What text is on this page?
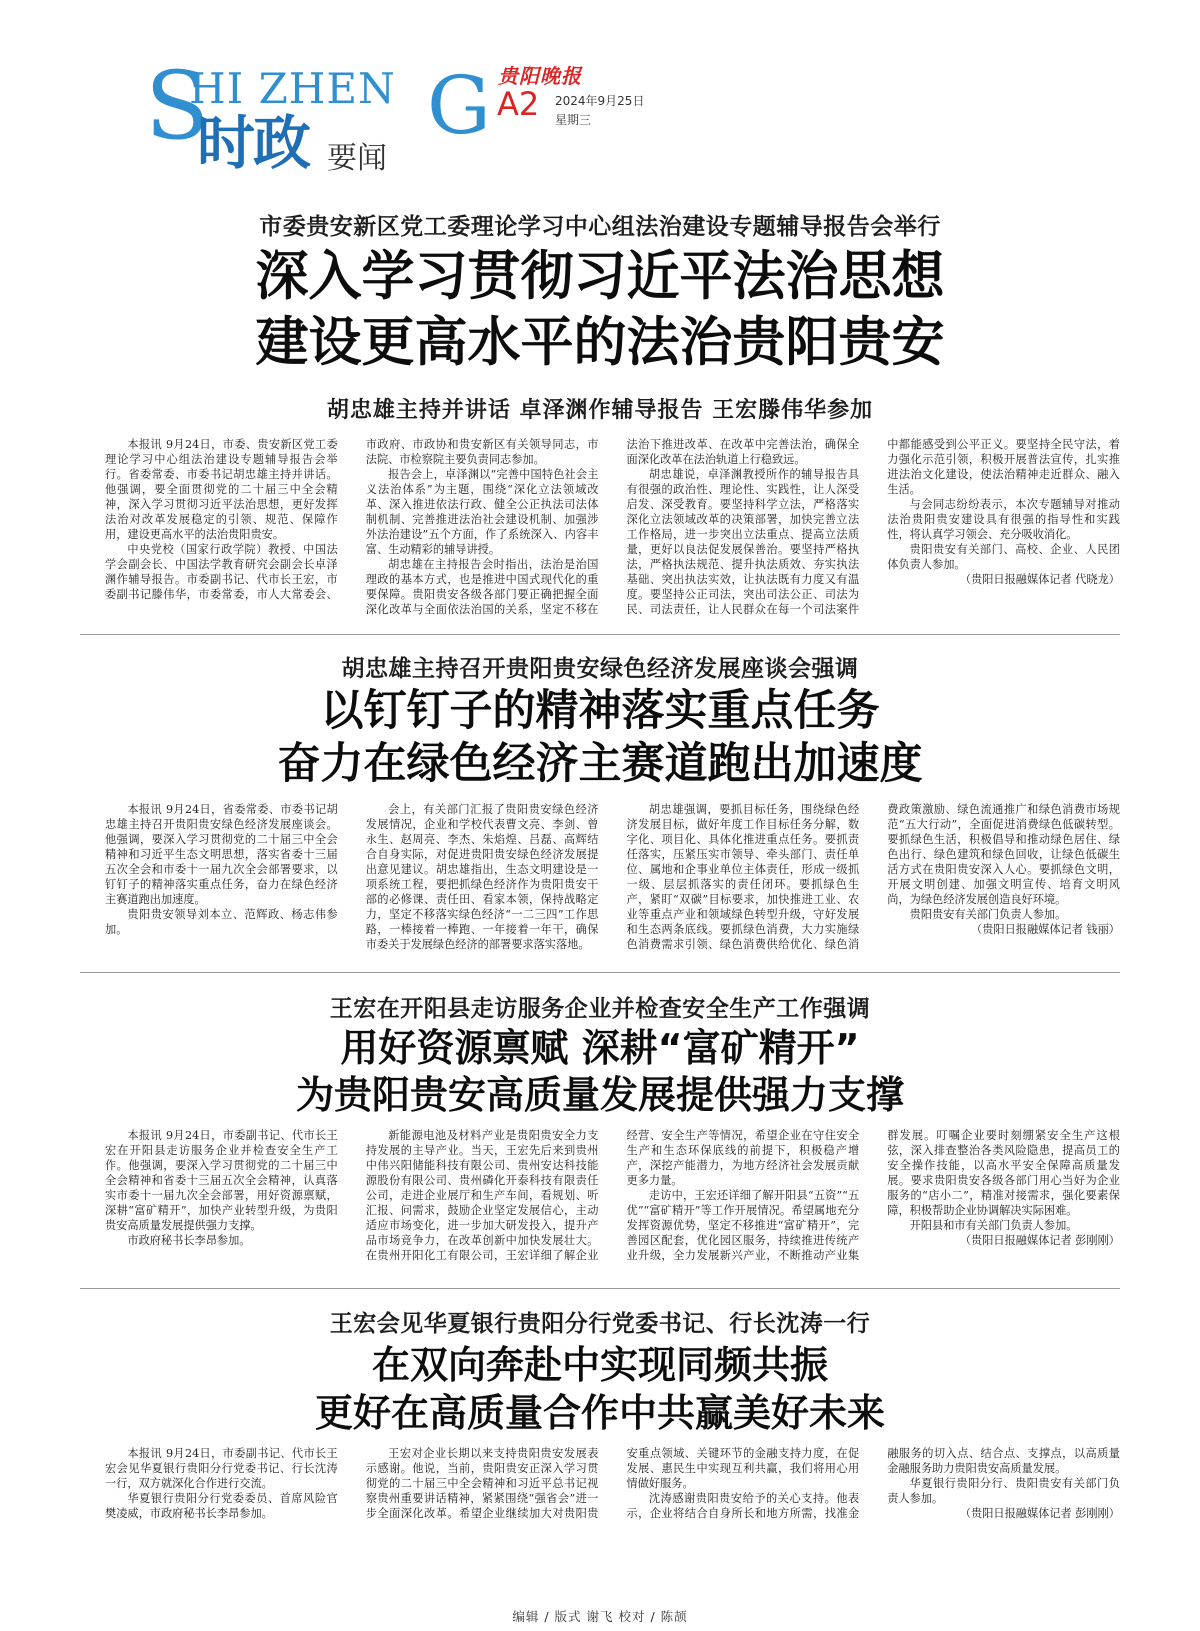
S
HI ZHEN G
时政 要闻
贵阳晚报
A2 2024年9月25日
星期三
市委贵安新区党工委理论学习中心组法治建设专题辅导报告会举行
深入学习贯彻习近平法治思想
建设更高水平的法治贵阳贵安
胡忠雄主持并讲话 卓泽渊作辅导报告 王宏滕伟华参加

本报讯 9月24日，市委、贵安新区党工委理论学习中心组法治建设专题辅导报告会举行。省委常委、市委书记胡忠雄主持并讲话。他强调，要全面贯彻党的二十届三中全会精神，深入学习贯彻习近平法治思想，更好发挥法治对改革发展稳定的引领、规范、保障作用，建设更高水平的法治贵阳贵安。

中央党校（国家行政学院）教授、中国法学会副会长、中国法学教育研究会副会长卓泽渊作辅导报告。市委副书记、代市长王宏，市委副书记滕伟华，市委常委，市人大常委会、市政府、市政协和贵安新区有关领导同志，市法院、市检察院主要负责同志参加。

报告会上，卓泽渊以“完善中国特色社会主义法治体系”为主题，围绕“深化立法领域改革、深入推进依法行政、健全公正执法司法体制机制、完善推进法治社会建设机制、加强涉外法治建设”五个方面，作了系统深入、内容丰富、生动精彩的辅导讲授。

胡忠雄在主持报告会时指出，法治是治国理政的基本方式，也是推进中国式现代化的重要保障。贵阳贵安各级各部门要正确把握全面深化改革与全面依法治国的关系，坚定不移在法治下推进改革、在改革中完善法治，确保全面深化改革在法治轨道上行稳致远。

胡忠雄说，卓泽渊教授所作的辅导报告具有很强的政治性、理论性、实践性，让人深受启发、深受教育。要坚持科学立法，严格落实深化立法领域改革的决策部署，加快完善立法工作格局，进一步突出立法重点、提高立法质量，更好以良法促发展保善治。要坚持严格执法，严格执法规范、提升执法质效、夯实执法基础、突出执法实效，让执法既有力度又有温度。要坚持公正司法，突出司法公正、司法为民、司法责任，让人民群众在每一个司法案件中都能感受到公平正义。要坚持全民守法，着力强化示范引领，积极开展普法宣传，扎实推进法治文化建设，使法治精神走近群众、融入生活。

与会同志纷纷表示，本次专题辅导对推动法治贵阳贵安建设具有很强的指导性和实践性，将认真学习领会、充分吸收消化。

贵阳贵安有关部门、高校、企业、人民团体负责人参加。

（贵阳日报融媒体记者 代晓龙）

胡忠雄主持召开贵阳贵安绿色经济发展座谈会强调
以钉钉子的精神落实重点任务
奋力在绿色经济主赛道跑出加速度

本报讯 9月24日，省委常委、市委书记胡忠雄主持召开贵阳贵安绿色经济发展座谈会。他强调，要深入学习贯彻党的二十届三中全会精神和习近平生态文明思想，落实省委十三届五次全会和市委十一届九次全会部署要求，以钉钉子的精神落实重点任务，奋力在绿色经济主赛道跑出加速度。

贵阳贵安领导刘本立、范辉政、杨志伟参加。

会上，有关部门汇报了贵阳贵安绿色经济发展情况，企业和学校代表曹文亮、李剑、曾永生、赵周亮、李杰、朱焰煌、吕磊、高辉结合自身实际，对促进贵阳贵安绿色经济发展提出意见建议。胡忠雄指出，生态文明建设是一项系统工程，要把抓绿色经济作为贵阳贵安干部的必修课、责任田、看家本领，保持战略定力，坚定不移落实绿色经济“一二三四”工作思路，一棒接着一棒跑、一年接着一年干，确保市委关于发展绿色经济的部署要求落实落地。

胡忠雄强调，要抓目标任务，围绕绿色经济发展目标，做好年度工作目标任务分解，数字化、项目化、具体化推进重点任务。要抓责任落实，压紧压实市领导、牵头部门、责任单位、属地和企事业单位主体责任，形成一级抓一级、层层抓落实的责任闭环。要抓绿色生产，紧盯“双碳”目标要求，加快推进工业、农业等重点产业和领域绿色转型升级，守好发展和生态两条底线。要抓绿色消费，大力实施绿色消费需求引领、绿色消费供给优化、绿色消费政策激励、绿色流通推广和绿色消费市场规范“五大行动”，全面促进消费绿色低碳转型。要抓绿色生活，积极倡导和推动绿色居住、绿色出行、绿色建筑和绿色回收，让绿色低碳生活方式在贵阳贵安深入人心。要抓绿色文明，开展文明创建、加强文明宣传、培育文明风尚，为绿色经济发展创造良好环境。

贵阳贵安有关部门负责人参加。

（贵阳日报融媒体记者 钱丽）

王宏在开阳县走访服务企业并检查安全生产工作强调
用好资源禀赋 深耕“富矿精开”
为贵阳贵安高质量发展提供强力支撑

本报讯 9月24日，市委副书记、代市长王宏在开阳县走访服务企业并检查安全生产工作。他强调，要深入学习贯彻党的二十届三中全会精神和省委十三届五次全会精神，认真落实市委十一届九次全会部署，用好资源禀赋，深耕“富矿精开”，加快产业转型升级，为贵阳贵安高质量发展提供强力支撑。

市政府秘书长李昂参加。

新能源电池及材料产业是贵阳贵安全力支持发展的主导产业。当天，王宏先后来到贵州中伟兴阳储能科技有限公司、贵州安达科技能源股份有限公司、贵州磷化开泰科技有限责任公司，走进企业展厅和生产车间，看规划、听汇报、问需求，鼓励企业坚定发展信心，主动适应市场变化，进一步加大研发投入，提升产品市场竞争力，在改革创新中加快发展壮大。在贵州开阳化工有限公司，王宏详细了解企业经营、安全生产等情况，希望企业在守住安全生产和生态环保底线的前提下，积极稳产增产，深挖产能潜力，为地方经济社会发展贡献更多力量。

走访中，王宏还详细了解开阳县“五资”“五优”“富矿精开”等工作开展情况。希望属地充分发挥资源优势，坚定不移推进“富矿精开”，完善园区配套，优化园区服务，持续推进传统产业升级，全力发展新兴产业，不断推动产业集群发展。叮嘱企业要时刻绷紧安全生产这根弦，深入排查整治各类风险隐患，提高员工的安全操作技能，以高水平安全保障高质量发展。要求贵阳贵安各级各部门用心当好为企业服务的“店小二”，精准对接需求，强化要素保障，积极帮助企业协调解决实际困难。

开阳县和市有关部门负责人参加。

（贵阳日报融媒体记者 彭刚刚）

王宏会见华夏银行贵阳分行党委书记、行长沈涛一行
在双向奔赴中实现同频共振
更好在高质量合作中共赢美好未来

本报讯 9月24日，市委副书记、代市长王宏会见华夏银行贵阳分行党委书记、行长沈涛一行，双方就深化合作进行交流。

华夏银行贵阳分行党委委员、首席风险官樊凌威，市政府秘书长李昂参加。

王宏对企业长期以来支持贵阳贵安发展表示感谢。他说，当前，贵阳贵安正深入学习贯彻党的二十届三中全会精神和习近平总书记视察贵州重要讲话精神，紧紧围绕“强省会”进一步全面深化改革。希望企业继续加大对贵阳贵安重点领域、关键环节的金融支持力度，在促发展、惠民生中实现互利共赢，我们将用心用情做好服务。

沈涛感谢贵阳贵安给予的关心支持。他表示，企业将结合自身所长和地方所需，找准金融服务的切入点、结合点、支撑点，以高质量金融服务助力贵阳贵安高质量发展。

华夏银行贵阳分行、贵阳贵安有关部门负责人参加。

（贵阳日报融媒体记者 彭刚刚）

编辑 / 版式 谢飞 校对 / 陈颉
